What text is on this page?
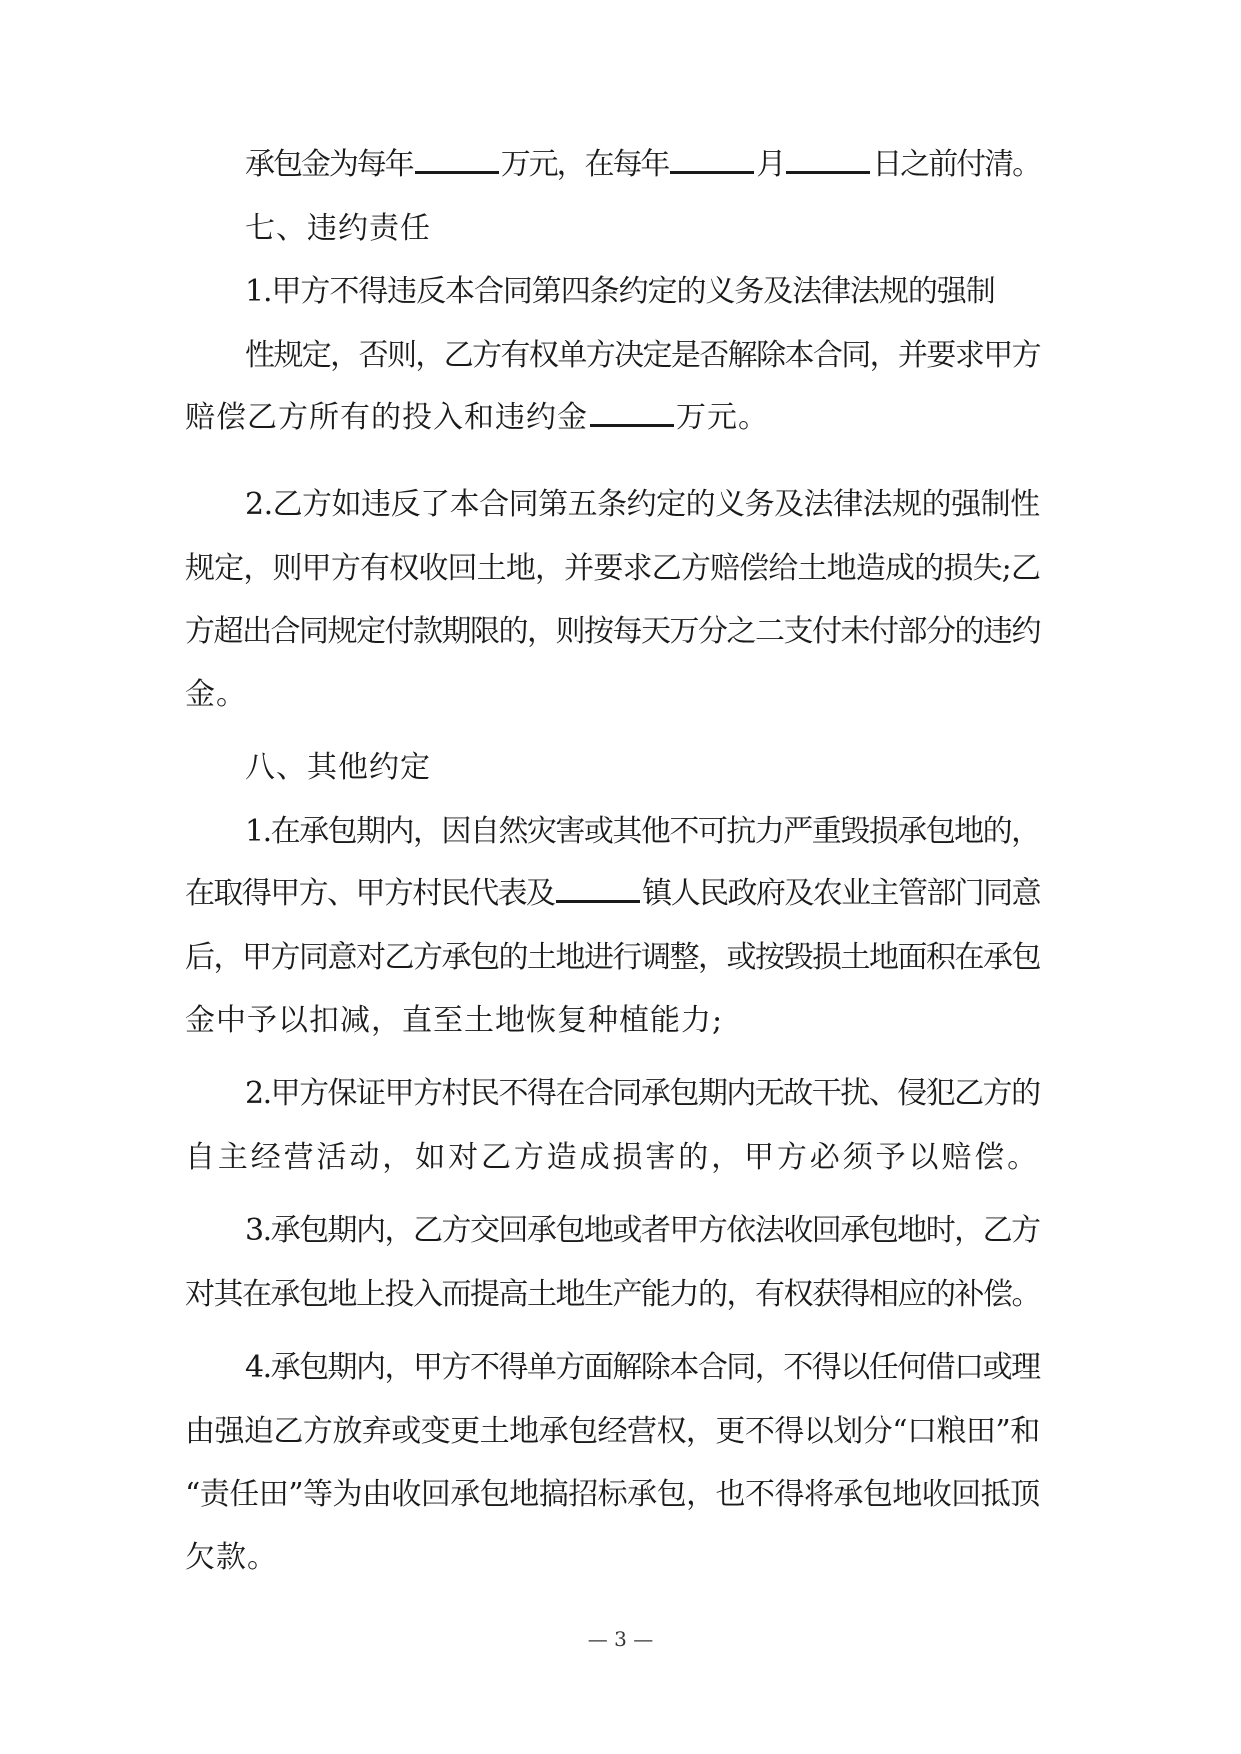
承包金为每年	万元，在每年	月	日之前付清。
七、违约责任
1.甲方不得违反本合同第四条约定的义务及法律法规的强制
性规定，否则，乙方有权单方决定是否解除本合同，并要求甲方
赔偿乙方所有的投入和违约金	万元。
2.乙方如违反了本合同第五条约定的义务及法律法规的强制性
规定，则甲方有权收回土地，并要求乙方赔偿给土地造成的损失;乙
方超出合同规定付款期限的，则按每天万分之二支付未付部分的违约
金。
八、其他约定
1.在承包期内，因自然灾害或其他不可抗力严重毁损承包地的，
在取得甲方、甲方村民代表及	镇人民政府及农业主管部门同意
后，甲方同意对乙方承包的土地进行调整，或按毁损土地面积在承包
金中予以扣减，直至土地恢复种植能力;
2.甲方保证甲方村民不得在合同承包期内无故干扰、侵犯乙方的
自主经营活动，如对乙方造成损害的，甲方必须予以赔偿。
3.承包期内，乙方交回承包地或者甲方依法收回承包地时，乙方
对其在承包地上投入而提高土地生产能力的，有权获得相应的补偿。
4.承包期内，甲方不得单方面解除本合同，不得以任何借口或理
由强迫乙方放弃或变更土地承包经营权，更不得以划分“口粮田”和
“责任田”等为由收回承包地搞招标承包，也不得将承包地收回抵顶
欠款。
— 3 —
